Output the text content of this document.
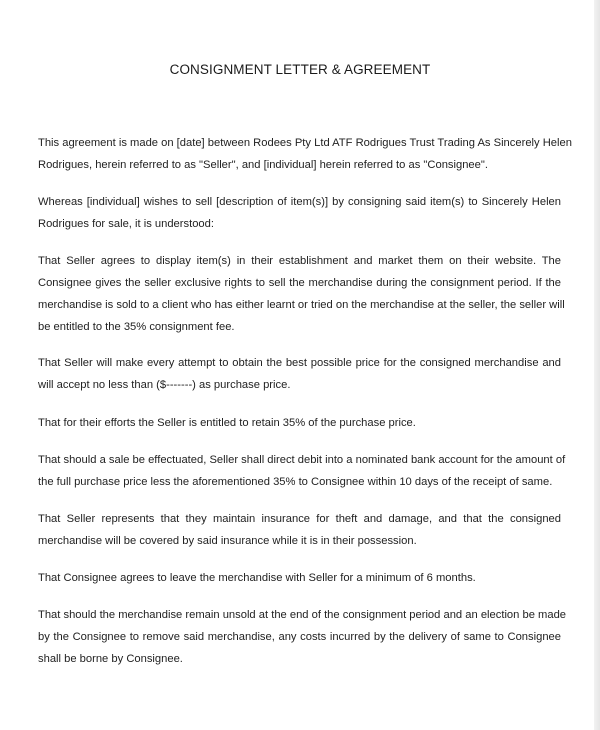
CONSIGNMENT LETTER & AGREEMENT

This agreement is made on [date] between Rodees Pty Ltd ATF Rodrigues Trust Trading As Sincerely Helen
Rodrigues, herein referred to as "Seller", and [individual] herein referred to as "Consignee".

Whereas [individual] wishes to sell [description of item(s)] by consigning said item(s) to Sincerely Helen
Rodrigues for sale, it is understood:

That Seller agrees to display item(s) in their establishment and market them on their website. The
Consignee gives the seller exclusive rights to sell the merchandise during the consignment period. If the
merchandise is sold to a client who has either learnt or tried on the merchandise at the seller, the seller will
be entitled to the 35% consignment fee.

That Seller will make every attempt to obtain the best possible price for the consigned merchandise and
will accept no less than ($-------) as purchase price.

That for their efforts the Seller is entitled to retain 35% of the purchase price.

That should a sale be effectuated, Seller shall direct debit into a nominated bank account for the amount of
the full purchase price less the aforementioned 35% to Consignee within 10 days of the receipt of same.

That Seller represents that they maintain insurance for theft and damage, and that the consigned
merchandise will be covered by said insurance while it is in their possession.

That Consignee agrees to leave the merchandise with Seller for a minimum of 6 months.

That should the merchandise remain unsold at the end of the consignment period and an election be made
by the Consignee to remove said merchandise, any costs incurred by the delivery of same to Consignee
shall be borne by Consignee.
